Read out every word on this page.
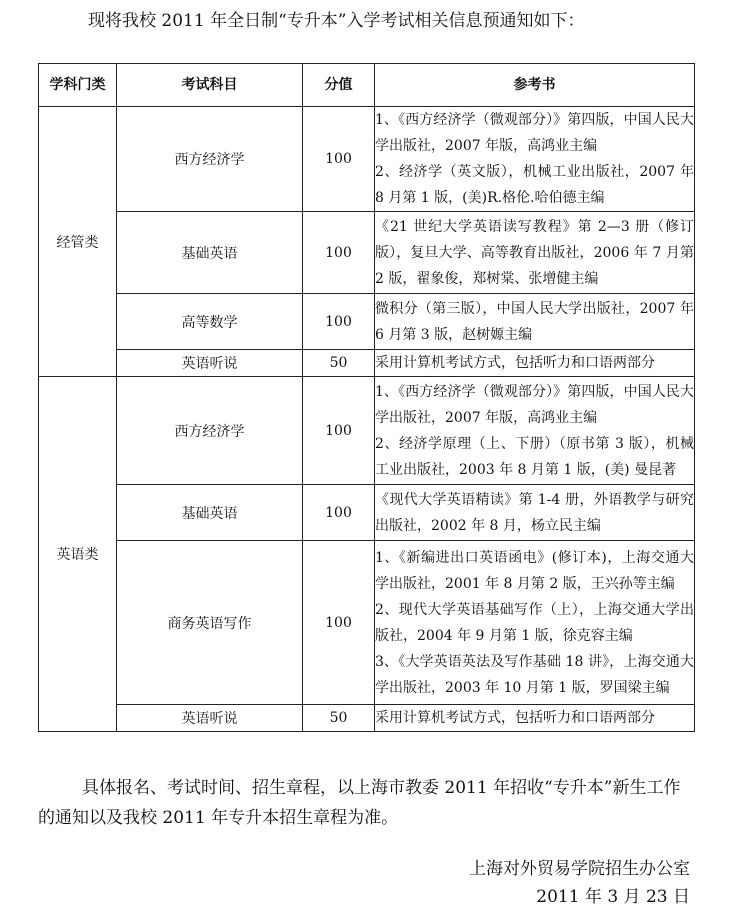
现将我校 2011 年全日制“专升本”入学考试相关信息预通知如下：

学科门类	考试科目	分值	参考书
经管类	西方经济学	100	1、《西方经济学（微观部分）》第四版，中国人民大学出版社，2007 年版，高鸿业主编
2、经济学（英文版），机械工业出版社，2007 年 8 月第 1 版，(美)R.格伦.哈伯德主编

	基础英语	100	《21 世纪大学英语读写教程》第 2—3 册（修订版），复旦大学、高等教育出版社，2006 年 7 月第 2 版，翟象俊，郑树棠、张增健主编

	高等数学	100	微积分（第三版），中国人民大学出版社，2007 年 6 月第 3 版，赵树嫄主编

	英语听说	50	采用计算机考试方式，包括听力和口语两部分

英语类	西方经济学	100	1、《西方经济学（微观部分）》第四版，中国人民大学出版社，2007 年版，高鸿业主编
2、经济学原理（上、下册）（原书第 3 版），机械工业出版社，2003 年 8 月第 1 版，(美) 曼昆著

	基础英语	100	《现代大学英语精读》第 1-4 册，外语教学与研究出版社，2002 年 8 月，杨立民主编

	商务英语写作	100	1、《新编进出口英语函电》(修订本)，上海交通大学出版社，2001 年 8 月第 2 版，王兴孙等主编
2、现代大学英语基础写作（上），上海交通大学出版社，2004 年 9 月第 1 版，徐克容主编
3、《大学英语英法及写作基础 18 讲》，上海交通大学出版社，2003 年 10 月第 1 版，罗国梁主编

	英语听说	50	采用计算机考试方式，包括听力和口语两部分

具体报名、考试时间、招生章程，以上海市教委 2011 年招收“专升本”新生工作的通知以及我校 2011 年专升本招生章程为准。

上海对外贸易学院招生办公室

2011 年 3 月 23 日
